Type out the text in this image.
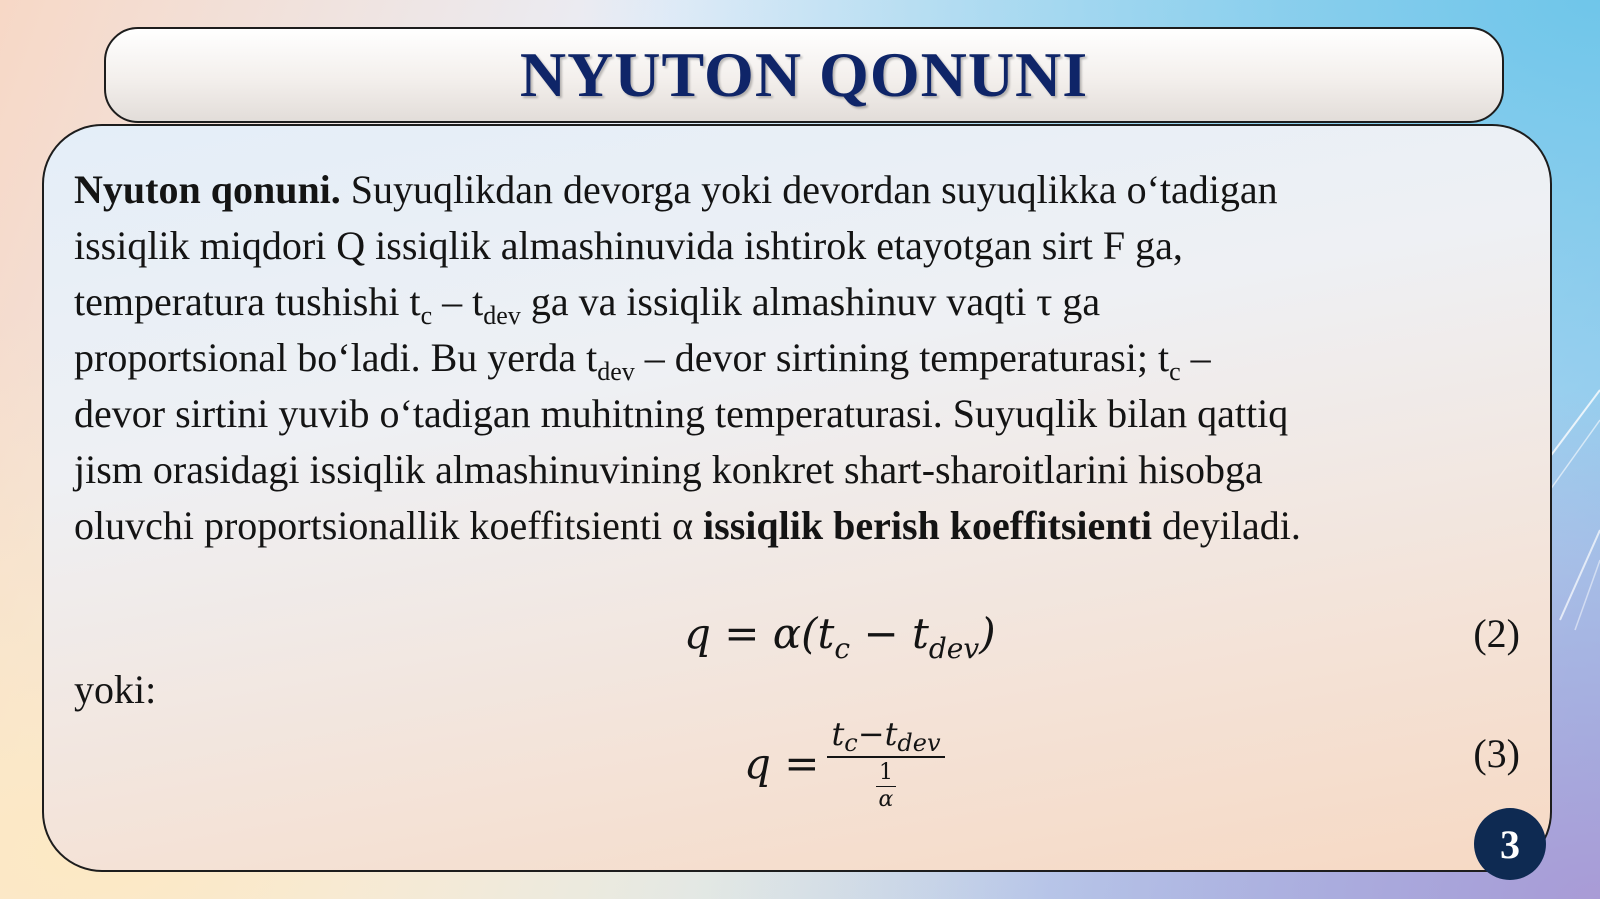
NYUTON QONUNI
Nyuton qonuni. Suyuqlikdan devorga yoki devordan suyuqlikka o‘tadigan
issiqlik miqdori Q issiqlik almashinuvida ishtirok etayotgan sirt F ga,
temperatura tushishi $t_c - t_{dev}$ ga va issiqlik almashinuv vaqti τ ga
proportsional bo‘ladi. Bu yerda $t_{dev}$ – devor sirtining temperaturasi; $t_c$ –
devor sirtini yuvib o‘tadigan muhitning temperaturasi. Suyuqlik bilan qattiq
jism orasidagi issiqlik almashinuvining konkret shart-sharoitlarini hisobga
oluvchi proportsionallik koeffitsienti α issiqlik berish koeffitsienti deyiladi.
$q = \alpha(t_c - t_{dev})$	(2)
yoki:
$q = t_c-t_{dev}$
1
α	(3)
3
